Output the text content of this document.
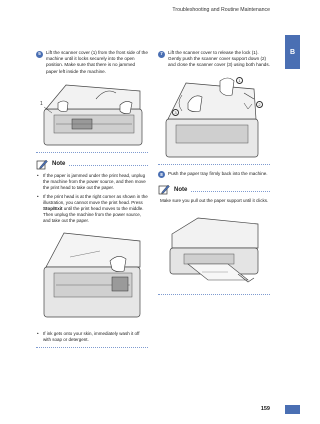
Troubleshooting and Routine Maintenance
B
5	Lift the scanner cover (1) from the front side of the machine until it locks securely into the open position. Make sure that there is no jammed paper left inside the machine.
1
Note
• If the paper is jammed under the print head, unplug the machine from the power source, and then move the print head to take out the paper.
• If the print head is at the right corner as shown in the illustration, you cannot move the print head. Press Stop/Exit until the print head moves to the middle. Then unplug the machine from the power source, and take out the paper.
• If ink gets onto your skin, immediately wash it off with soap or detergent.
7	Lift the scanner cover to release the lock (1). Gently push the scanner cover support down (2) and close the scanner cover (3) using both hands.
1
2
3
8	Push the paper tray firmly back into the machine.
Note
Make sure you pull out the paper support until it clicks.
159
